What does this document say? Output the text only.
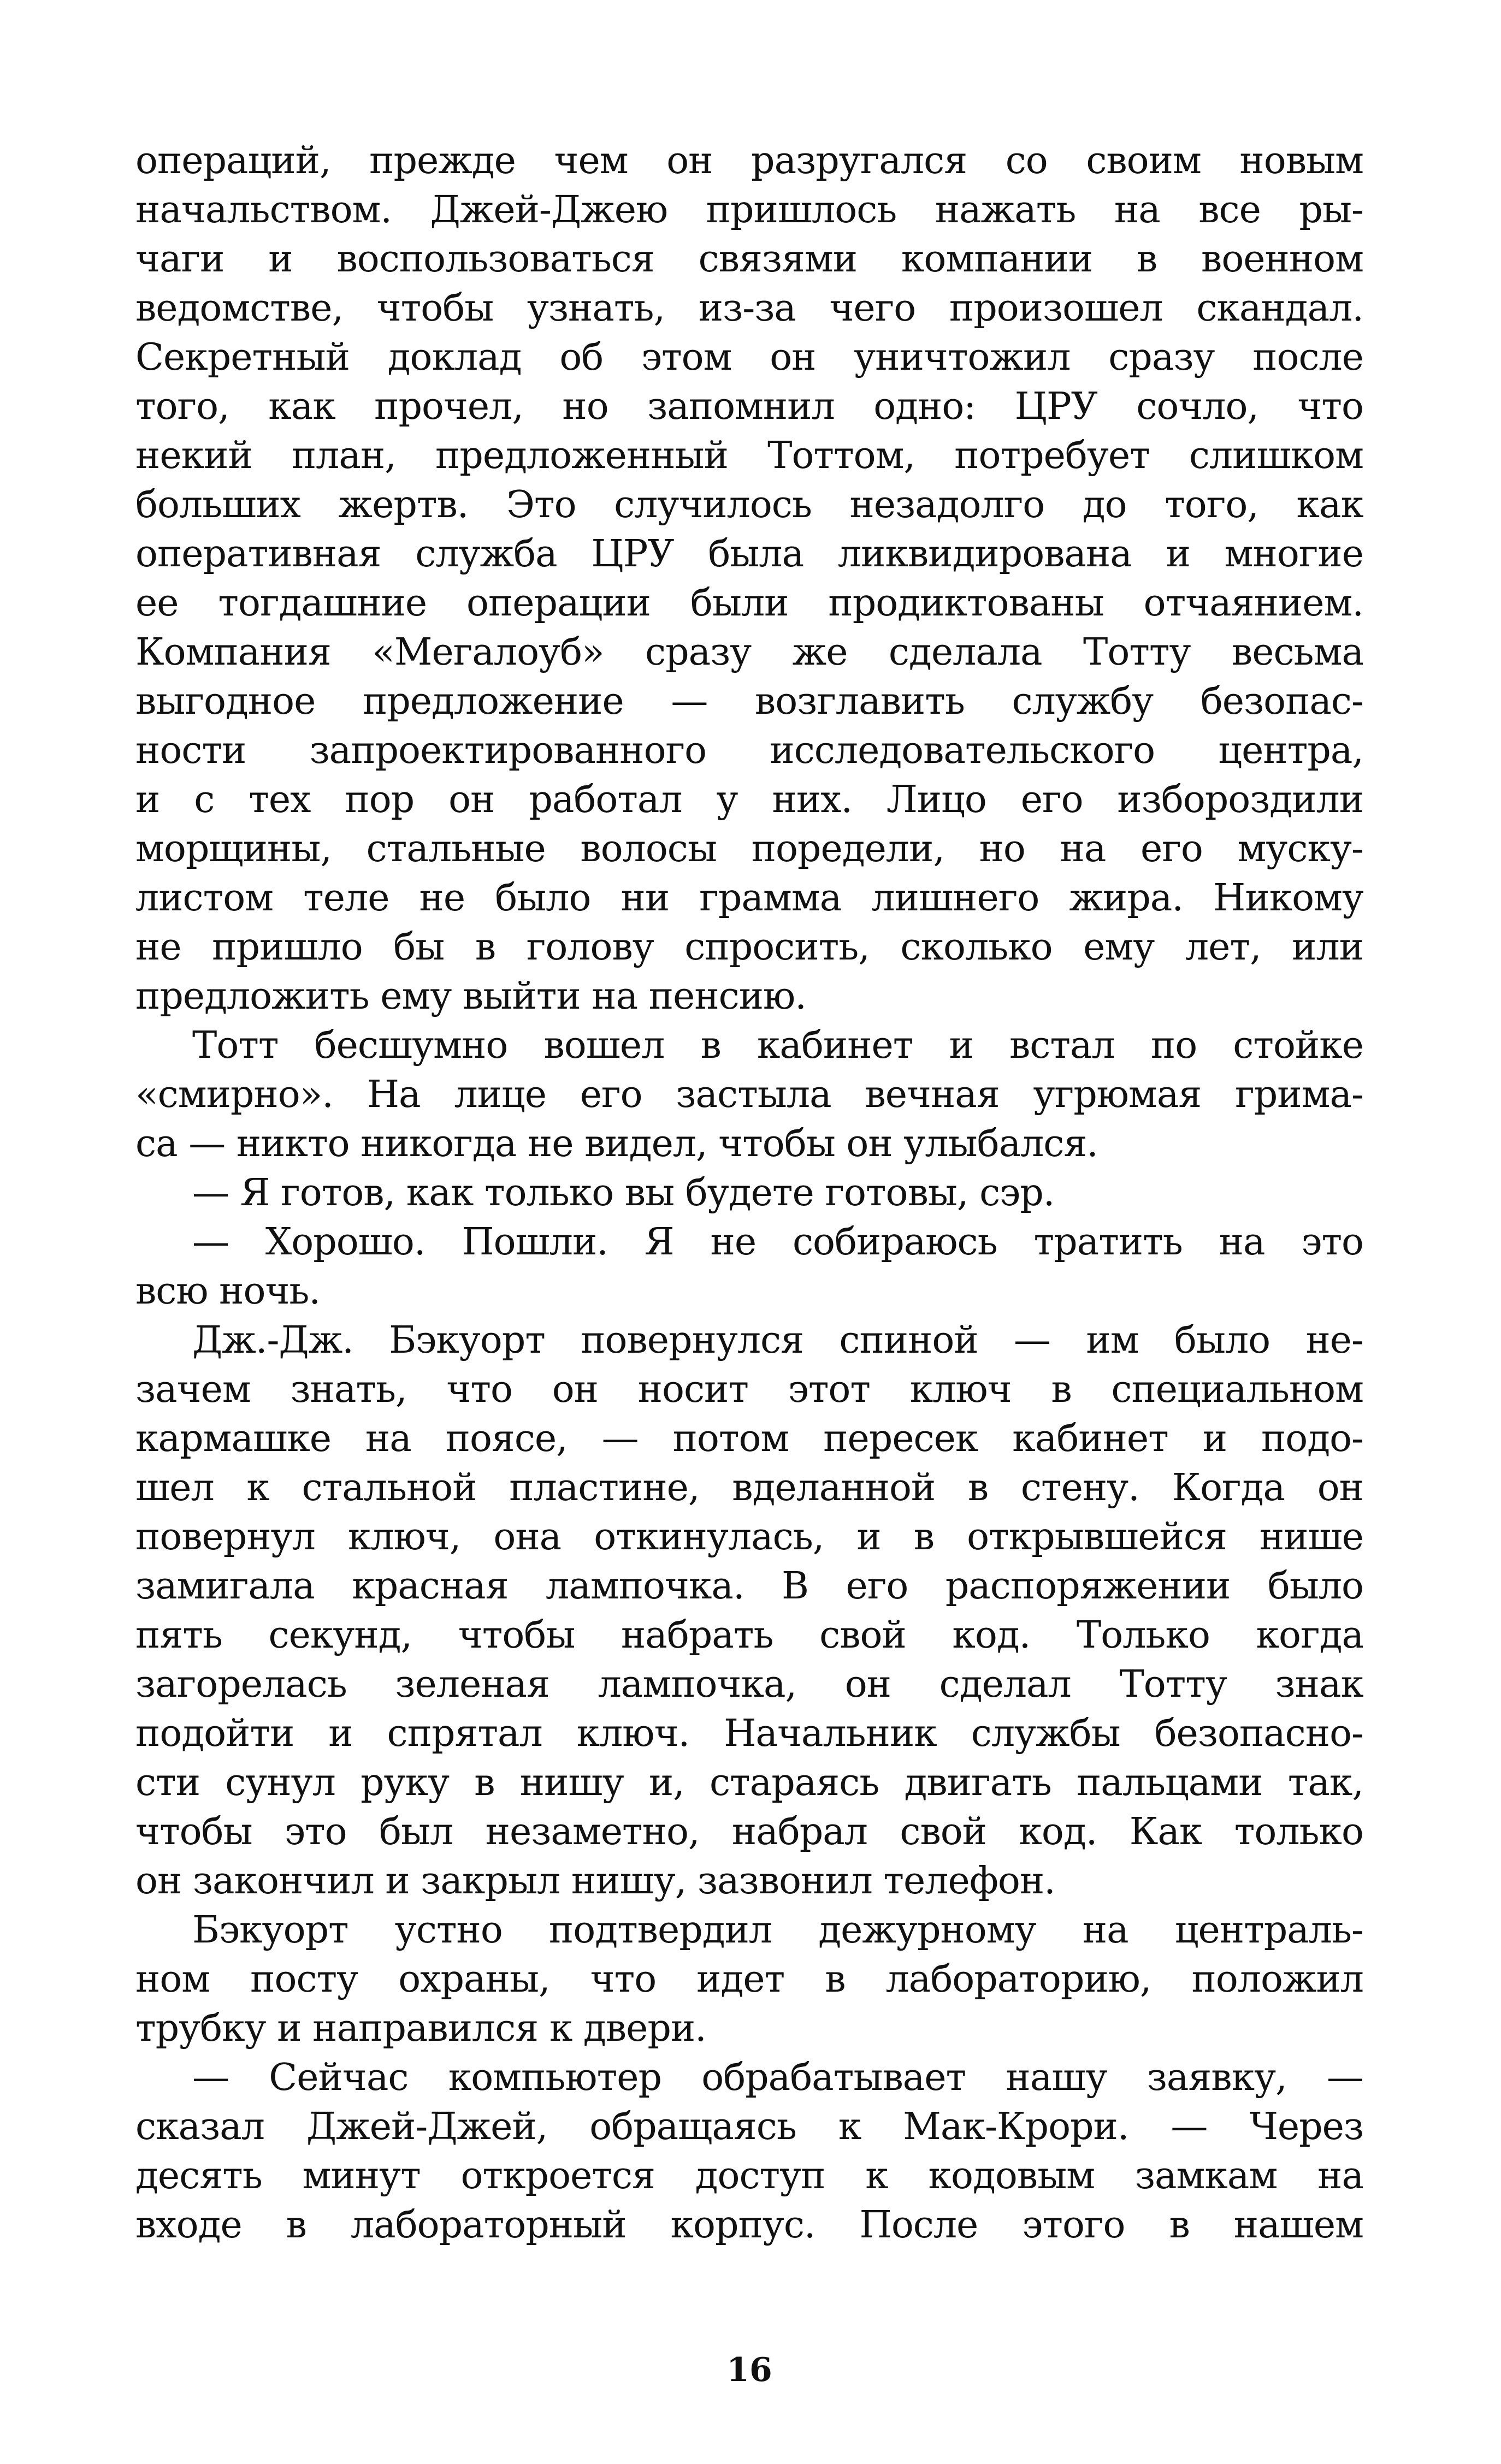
операций, прежде чем он разругался со своим новым
начальством. Джей-Джею пришлось нажать на все ры-
чаги и воспользоваться связями компании в военном
ведомстве, чтобы узнать, из-за чего произошел скандал.
Секретный доклад об этом он уничтожил сразу после
того, как прочел, но запомнил одно: ЦРУ сочло, что
некий план, предложенный Тоттом, потребует слишком
больших жертв. Это случилось незадолго до того, как
оперативная служба ЦРУ была ликвидирована и многие
ее тогдашние операции были продиктованы отчаянием.
Компания «Мегалоуб» сразу же сделала Тотту весьма
выгодное предложение — возглавить службу безопас-
ности запроектированного исследовательского центра,
и с тех пор он работал у них. Лицо его избороздили
морщины, стальные волосы поредели, но на его муску-
листом теле не было ни грамма лишнего жира. Никому
не пришло бы в голову спросить, сколько ему лет, или
предложить ему выйти на пенсию.
Тотт бесшумно вошел в кабинет и встал по стойке
«смирно». На лице его застыла вечная угрюмая грима-
са — никто никогда не видел, чтобы он улыбался.
— Я готов, как только вы будете готовы, сэр.
— Хорошо. Пошли. Я не собираюсь тратить на это
всю ночь.
Дж.-Дж. Бэкуорт повернулся спиной — им было не-
зачем знать, что он носит этот ключ в специальном
кармашке на поясе, — потом пересек кабинет и подо-
шел к стальной пластине, вделанной в стену. Когда он
повернул ключ, она откинулась, и в открывшейся нише
замигала красная лампочка. В его распоряжении было
пять секунд, чтобы набрать свой код. Только когда
загорелась зеленая лампочка, он сделал Тотту знак
подойти и спрятал ключ. Начальник службы безопасно-
сти сунул руку в нишу и, стараясь двигать пальцами так,
чтобы это был незаметно, набрал свой код. Как только
он закончил и закрыл нишу, зазвонил телефон.
Бэкуорт устно подтвердил дежурному на централь-
ном посту охраны, что идет в лабораторию, положил
трубку и направился к двери.
— Сейчас компьютер обрабатывает нашу заявку, —
сказал Джей-Джей, обращаясь к Мак-Крори. — Через
десять минут откроется доступ к кодовым замкам на
входе в лабораторный корпус. После этого в нашем
16
